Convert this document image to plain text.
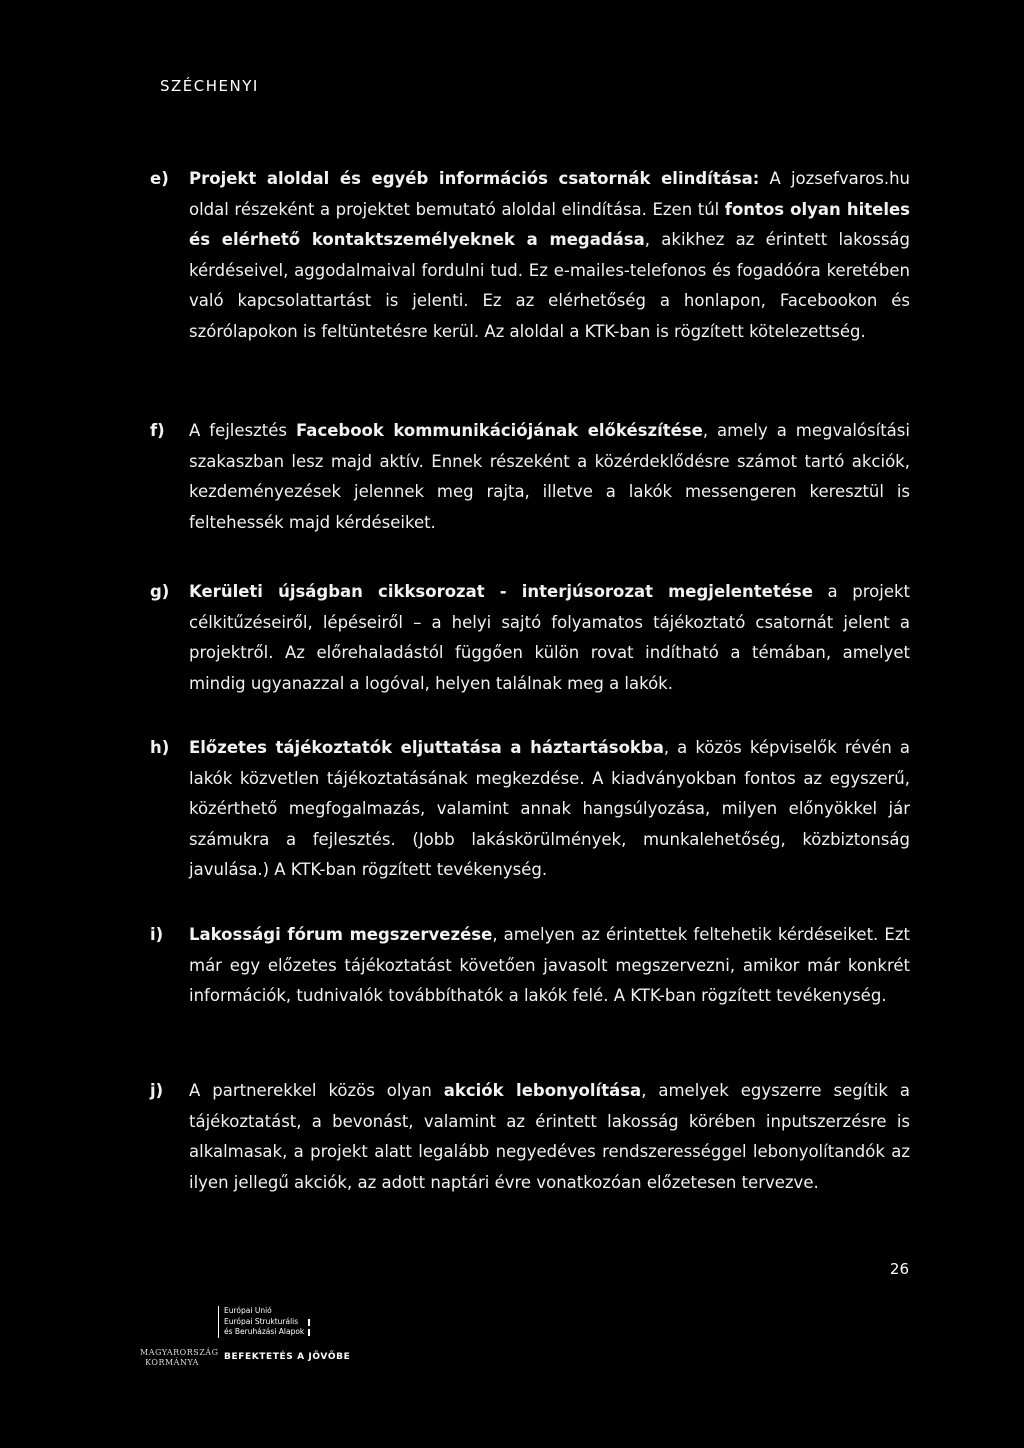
SZÉCHENYI
e)	Projekt aloldal és egyéb információs csatornák elindítása: A jozsefvaros.hu oldal részeként a projektet bemutató aloldal elindítása. Ezen túl fontos olyan hiteles és elérhető kontaktszemélyeknek a megadása, akikhez az érintett lakosság kérdéseivel, aggodalmaival fordulni tud. Ez e-mailes-telefonos és fogadóóra keretében való kapcsolattartást is jelenti. Ez az elérhetőség a honlapon, Facebookon és szórólapokon is feltüntetésre kerül. Az aloldal a KTK-ban is rögzített kötelezettség.
f)	A fejlesztés Facebook kommunikációjának előkészítése, amely a megvalósítási szakaszban lesz majd aktív. Ennek részeként a közérdeklődésre számot tartó akciók, kezdeményezések jelennek meg rajta, illetve a lakók messengeren keresztül is feltehessék majd kérdéseiket.
g)	Kerületi újságban cikksorozat - interjúsorozat megjelentetése a projekt célkitűzéseiről, lépéseiről – a helyi sajtó folyamatos tájékoztató csatornát jelent a projektről. Az előrehaladástól függően külön rovat indítható a témában, amelyet mindig ugyanazzal a logóval, helyen találnak meg a lakók.
h)	Előzetes tájékoztatók eljuttatása a háztartásokba, a közös képviselők révén a lakók közvetlen tájékoztatásának megkezdése. A kiadványokban fontos az egyszerű, közérthető megfogalmazás, valamint annak hangsúlyozása, milyen előnyökkel jár számukra a fejlesztés. (Jobb lakáskörülmények, munkalehetőség, közbiztonság javulása.) A KTK-ban rögzített tevékenység.
i)	Lakossági fórum megszervezése, amelyen az érintettek feltehetik kérdéseiket. Ezt már egy előzetes tájékoztatást követően javasolt megszervezni, amikor már konkrét információk, tudnivalók továbbíthatók a lakók felé. A KTK-ban rögzített tevékenység.
j)	A partnerekkel közös olyan akciók lebonyolítása, amelyek egyszerre segítik a tájékoztatást, a bevonást, valamint az érintett lakosság körében inputszerzésre is alkalmasak, a projekt alatt legalább negyedéves rendszerességgel lebonyolítandók az ilyen jellegű akciók, az adott naptári évre vonatkozóan előzetesen tervezve.
26
MAGYARORSZÁG
KORMÁNYA
Európai Unió
Európai Strukturális
és Beruházási Alapok
BEFEKTETÉS A JÖVŐBE
